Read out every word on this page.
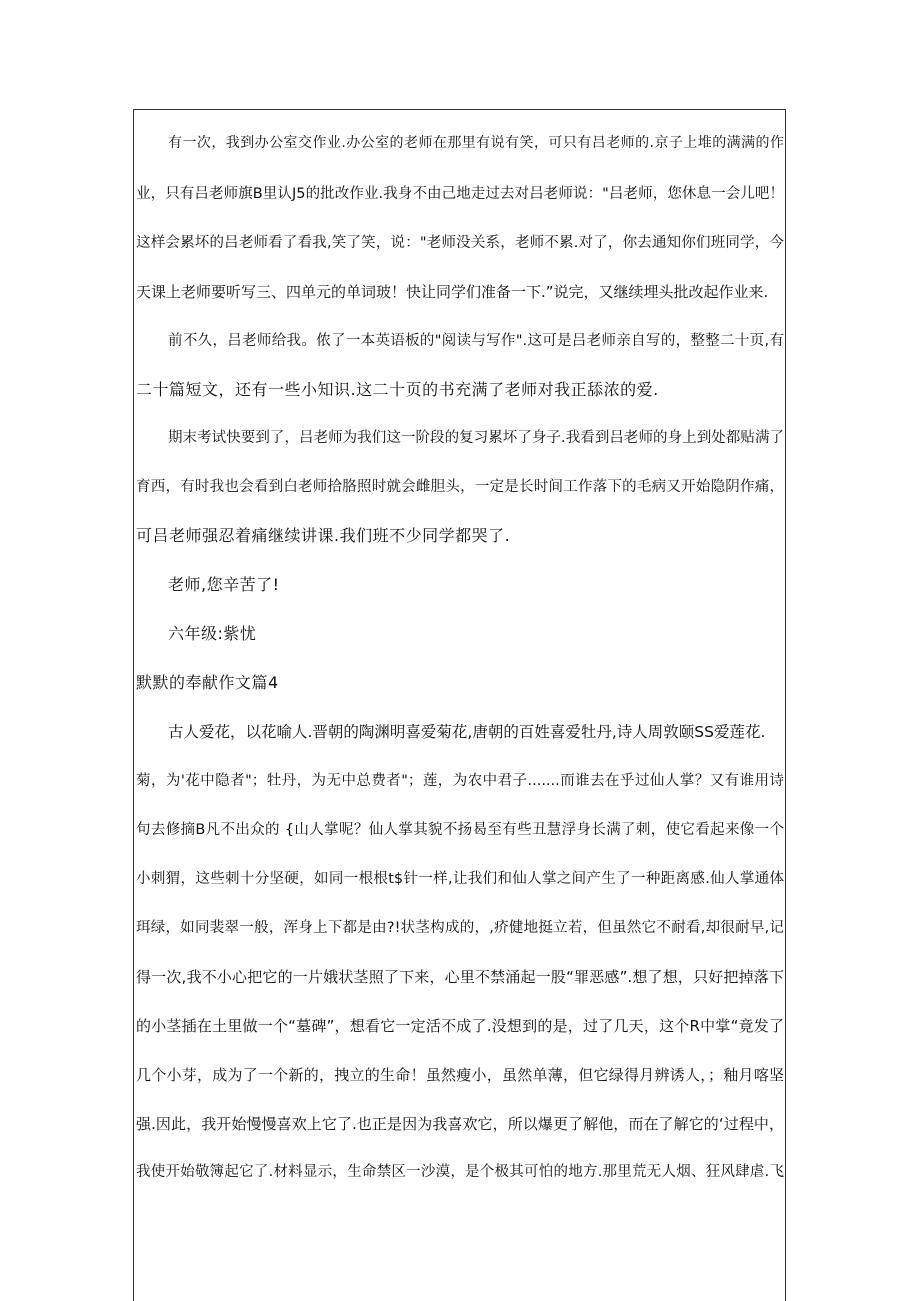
有一次，我到办公室交作业.办公室的老师在那里有说有笑，可只有吕老师的.京子上堆的满满的作
业，只有吕老师旗B里认J5的批改作业.我身不由己地走过去对吕老师说："吕老师，您休息一会儿吧！
这样会累坏的吕老师看了看我,笑了笑，说："老师没关系，老师不累.对了，你去通知你们班同学，今
天课上老师要听写三、四单元的单词玻！快让同学们准备一下.”说完，又继续埋头批改起作业来.
前不久，吕老师给我。侬了一本英语板的"阅读与写作".这可是吕老师亲自写的，整整二十页,有
二十篇短文，还有一些小知识.这二十页的书充满了老师对我正舔浓的爱.
期末考试快要到了，吕老师为我们这一阶段的复习累坏了身子.我看到吕老师的身上到处都贴满了
育西，有时我也会看到白老师拾胳照时就会雌胆头，一定是长时间工作落下的毛病又开始隐阴作痛，
可吕老师强忍着痛继续讲课.我们班不少同学都哭了.
老师,您辛苦了!
六年级:紫忧
默默的奉献作文篇4
古人爱花，以花喻人.晋朝的陶渊明喜爱菊花,唐朝的百姓喜爱牡丹,诗人周敦颐SS爱莲花.
菊，为'花中隐者"；牡丹，为无中总费者"；莲，为农中君子.......而谁去在乎过仙人掌？又有谁用诗
句去修摘B凡不出众的 {山人掌呢？仙人掌其貌不扬曷至有些丑慧浮身长满了刺，使它看起来像一个
小刺猬，这些刺十分坚硬，如同一根根t$针一样,让我们和仙人掌之间产生了一种距离感.仙人掌通体
珥绿，如同裴翠一般，浑身上下都是由?!状茎构成的，,疥健地挺立若，但虽然它不耐看,却很耐早,记
得一次,我不小心把它的一片娥状茎照了下来，心里不禁涌起一股“罪恶感”.想了想，只好把掉落下
的小茎插在土里做一个“墓碑”，想看它一定活不成了.没想到的是，过了几天，这个R中掌“竟发了
几个小芽，成为了一个新的，拽立的生命！虽然瘦小，虽然单薄，但它绿得月辨诱人，；釉月喀坚
强.因此，我开始慢慢喜欢上它了.也正是因为我喜欢它，所以爆更了解他，而在了解它的‘过程中，
我使开始敬簿起它了.材料显示，生命禁区一沙漠，是个极其可怕的地方.那里荒无人烟、狂风肆虐.飞
